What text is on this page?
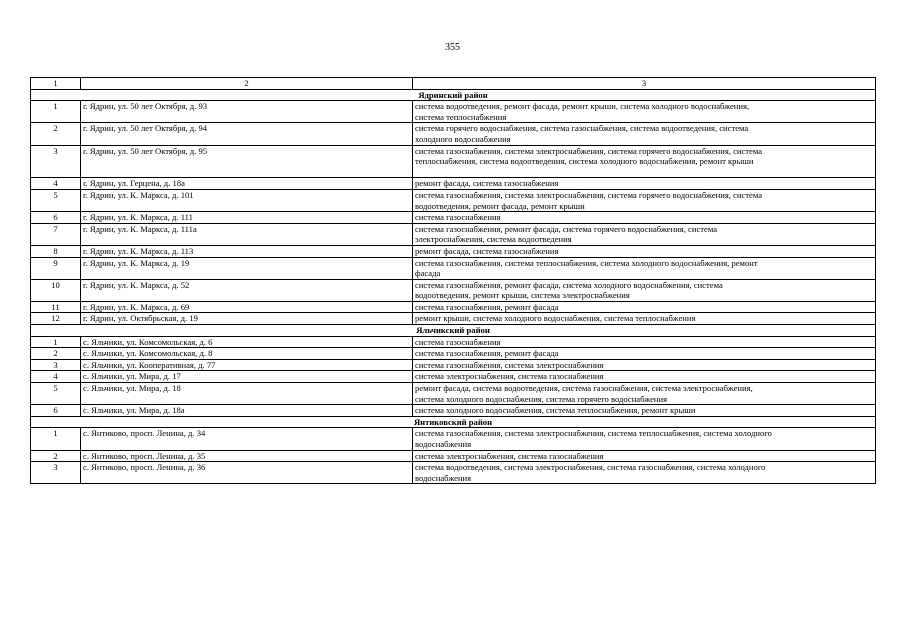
355
1	2	3
Ядринский район		
1	г. Ядрин, ул. 50 лет Октября, д. 93	система водоотведения, ремонт фасада, ремонт крыши, система холодного водоснабжения,
система теплоснабжения

2	г. Ядрин, ул. 50 лет Октября, д. 94	система горячего водоснабжения, система газоснабжения, система водоотведения, система
холодного водоснабжения

3	г. Ядрин, ул. 50 лет Октября, д. 95	система газоснабжения, система электроснабжения, система горячего водоснабжения, система
теплоснабжения, система водоотведения, система холодного водоснабжения, ремонт крыши

4	г. Ядрин, ул. Герцена, д. 18а	ремонт фасада, система газоснабжения

5	г. Ядрин, ул. К. Маркса, д. 101	система газоснабжения, система электроснабжения, система горячего водоснабжения, система
водоотведения, ремонт фасада, ремонт крыши

6	г. Ядрин, ул. К. Маркса, д. 111	система газоснабжения

7	г. Ядрин, ул. К. Маркса, д. 111а	система газоснабжения, ремонт фасада, система горячего водоснабжения, система
электроснабжения, система водоотведения

8	г. Ядрин, ул. К. Маркса, д. 113	ремонт фасада, система газоснабжения

9	г. Ядрин, ул. К. Маркса, д. 19	система газоснабжения, система теплоснабжения, система холодного водоснабжения, ремонт
фасада

10	г. Ядрин, ул. К. Маркса, д. 52	система газоснабжения, ремонт фасада, система холодного водоснабжения, система
водоотведения, ремонт крыши, система электроснабжения

11	г. Ядрин, ул. К. Маркса, д. 69	система газоснабжения, ремонт фасада

12	г. Ядрин, ул. Октябрьская, д. 19	ремонт крыши, система холодного водоснабжения, система теплоснабжения

Яльчикский район		
1	с. Яльчики, ул. Комсомольская, д. 6	система газоснабжения

2	с. Яльчики, ул. Комсомольская, д. 8	система газоснабжения, ремонт фасада

3	с. Яльчики, ул. Кооперативная, д. 77	система газоснабжения, система электроснабжения

4	с. Яльчики, ул. Мира, д. 17	система электроснабжения, система газоснабжения

5	с. Яльчики, ул. Мира, д. 18	ремонт фасада, система водоотведения, система газоснабжения, система электроснабжения,
система холодного водоснабжения, система горячего водоснабжения

6	с. Яльчики, ул. Мира, д. 18а	система холодного водоснабжения, система теплоснабжения, ремонт крыши

Янтиковский район		
1	с. Янтиково, просп. Ленина, д. 34	система газоснабжения, система электроснабжения, система теплоснабжения, система холодного
водоснабжения

2	с. Янтиково, просп. Ленина, д. 35	система электроснабжения, система газоснабжения

3	с. Янтиково, просп. Ленина, д. 36	система водоотведения, система электроснабжения, система газоснабжения, система холодного
водоснабжения
